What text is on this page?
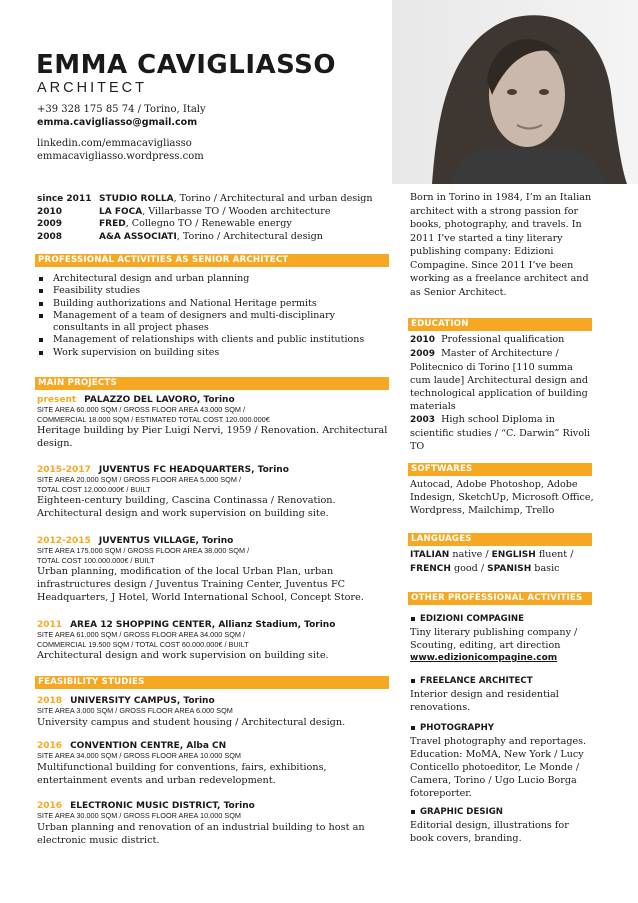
EMMA CAVIGLIASSO
ARCHITECT
+39 328 175 85 74 / Torino, Italy
emma.cavigliasso@gmail.com
linkedin.com/emmacavigliasso
emmacavigliasso.wordpress.com
since 2011 STUDIO ROLLA, Torino / Architectural and urban design
2010	LA FOCA, Villarbasse TO / Wooden architecture
2009	FRED, Collegno TO / Renewable energy
2008	A&A ASSOCIATI, Torino / Architectural design
PROFESSIONAL ACTIVITIES AS SENIOR ARCHITECT
Architectural design and urban planning
Feasibility studies
Building authorizations and National Heritage permits
Management of a team of designers and multi-disciplinary consultants in all project phases
Management of relationships with clients and public institutions
Work supervision on building sites
MAIN PROJECTS
present PALAZZO DEL LAVORO, Torino
SITE AREA 60.000 SQM / GROSS FLOOR AREA 43.000 SQM /
COMMERCIAL 18.000 SQM / ESTIMATED TOTAL COST 120.000.000€
Heritage building by Pier Luigi Nervi, 1959 / Renovation. Architectural design.
2015-2017 JUVENTUS FC HEADQUARTERS, Torino
SITE AREA 20.000 SQM / GROSS FLOOR AREA 5.000 SQM /
TOTAL COST 12.000.000€ / BUILT
Eighteen-century building, Cascina Continassa / Renovation. Architectural design and work supervision on building site.
2012-2015 JUVENTUS VILLAGE, Torino
SITE AREA 175.000 SQM / GROSS FLOOR AREA 38.000 SQM /
TOTAL COST 100.000.000€ / BUILT
Urban planning, modification of the local Urban Plan, urban infrastructures design / Juventus Training Center, Juventus FC Headquarters, J Hotel, World International School, Concept Store.
2011 AREA 12 SHOPPING CENTER, Allianz Stadium, Torino
SITE AREA 61.000 SQM / GROSS FLOOR AREA 34.000 SQM /
COMMERCIAL 19.500 SQM / TOTAL COST 60.000.000€ / BUILT
Architectural design and work supervision on building site.
FEASIBILITY STUDIES
2018 UNIVERSITY CAMPUS, Torino
SITE AREA 3.000 SQM / GROSS FLOOR AREA 6.000 SQM
University campus and student housing / Architectural design.
2016 CONVENTION CENTRE, Alba CN
SITE AREA 34.000 SQM / GROSS FLOOR AREA 10.000 SQM
Multifunctional building for conventions, fairs, exhibitions, entertainment events and urban redevelopment.
2016 ELECTRONIC MUSIC DISTRICT, Torino
SITE AREA 30.000 SQM / GROSS FLOOR AREA 10.000 SQM
Urban planning and renovation of an industrial building to host an electronic music district.
Born in Torino in 1984, I’m an Italian architect with a strong passion for books, photography, and travels. In 2011 I’ve started a tiny literary publishing company: Edizioni Compagine. Since 2011 I’ve been working as a freelance architect and as Senior Architect.
EDUCATION
2010 Professional qualification
2009 Master of Architecture / Politecnico di Torino [110 summa cum laude] Architectural design and technological application of building materials
2003 High school Diploma in scientific studies / “C. Darwin” Rivoli TO
SOFTWARES
Autocad, Adobe Photoshop, Adobe Indesign, SketchUp, Microsoft Office, Wordpress, Mailchimp, Trello
LANGUAGES
ITALIAN native / ENGLISH fluent /
FRENCH good / SPANISH basic
OTHER PROFESSIONAL ACTIVITIES
EDIZIONI COMPAGINE
Tiny literary publishing company / Scouting, editing, art direction
www.edizionicompagine.com
FREELANCE ARCHITECT
Interior design and residential renovations.
PHOTOGRAPHY
Travel photography and reportages. Education: MoMA, New York / Lucy Conticello photoeditor, Le Monde / Camera, Torino / Ugo Lucio Borga fotoreporter.
GRAPHIC DESIGN
Editorial design, illustrations for book covers, branding.
